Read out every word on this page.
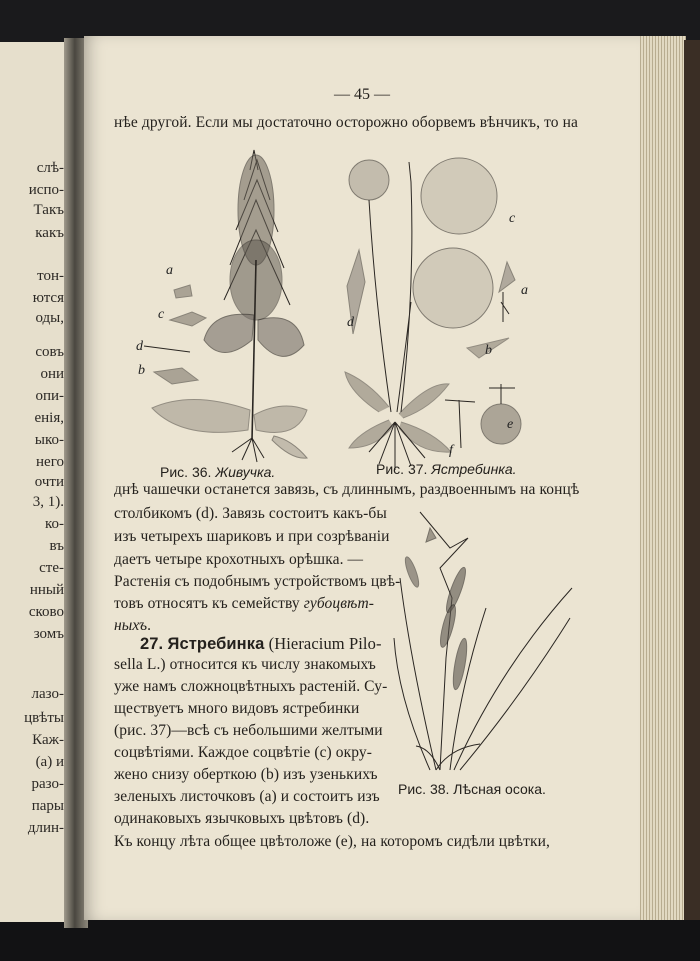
слѣ-
испо-
Такъ
какъ
тон-
ются
оды,
совъ
они
опи-
енія,
ыко-
него
очти
3, 1).
ко-
въ
сте-
нный
сково
зомъ
лазо-
цвѣты
Каж-
(a) и
разо-
пары
длин-
— 45 —
нѣе другой. Если мы достаточно осторожно оборвемъ вѣнчикъ, то на
a
c
d
b
c
a
d
b
e
f
Рис. 36. Живучка.	Рис. 37. Ястребинка.
днѣ чашечки останется завязь, съ длиннымъ, раздвоеннымъ на концѣ
столбикомъ (d). Завязь состоитъ какъ-бы
изъ четырехъ шариковъ и при созрѣваніи
даетъ четыре крохотныхъ орѣшка. —
Растенія съ подобнымъ устройствомъ цвѣ-
товъ относятъ къ семейству губоцвѣт-
ныхъ.
27. Ястребинка (Hieracium Pilo-
sella L.) относится къ числу знакомыхъ
уже намъ сложноцвѣтныхъ растеній. Су-
ществуетъ много видовъ ястребинки
(рис. 37)—всѣ съ небольшими желтыми
соцвѣтіями. Каждое соцвѣтіе (c) окру-
жено снизу оберткою (b) изъ узенькихъ
зеленыхъ листочковъ (a) и состоитъ изъ
одинаковыхъ язычковыхъ цвѣтовъ (d).
Рис. 38. Лѣсная осока.
Къ концу лѣта общее цвѣтоложе (e), на которомъ сидѣли цвѣтки,
